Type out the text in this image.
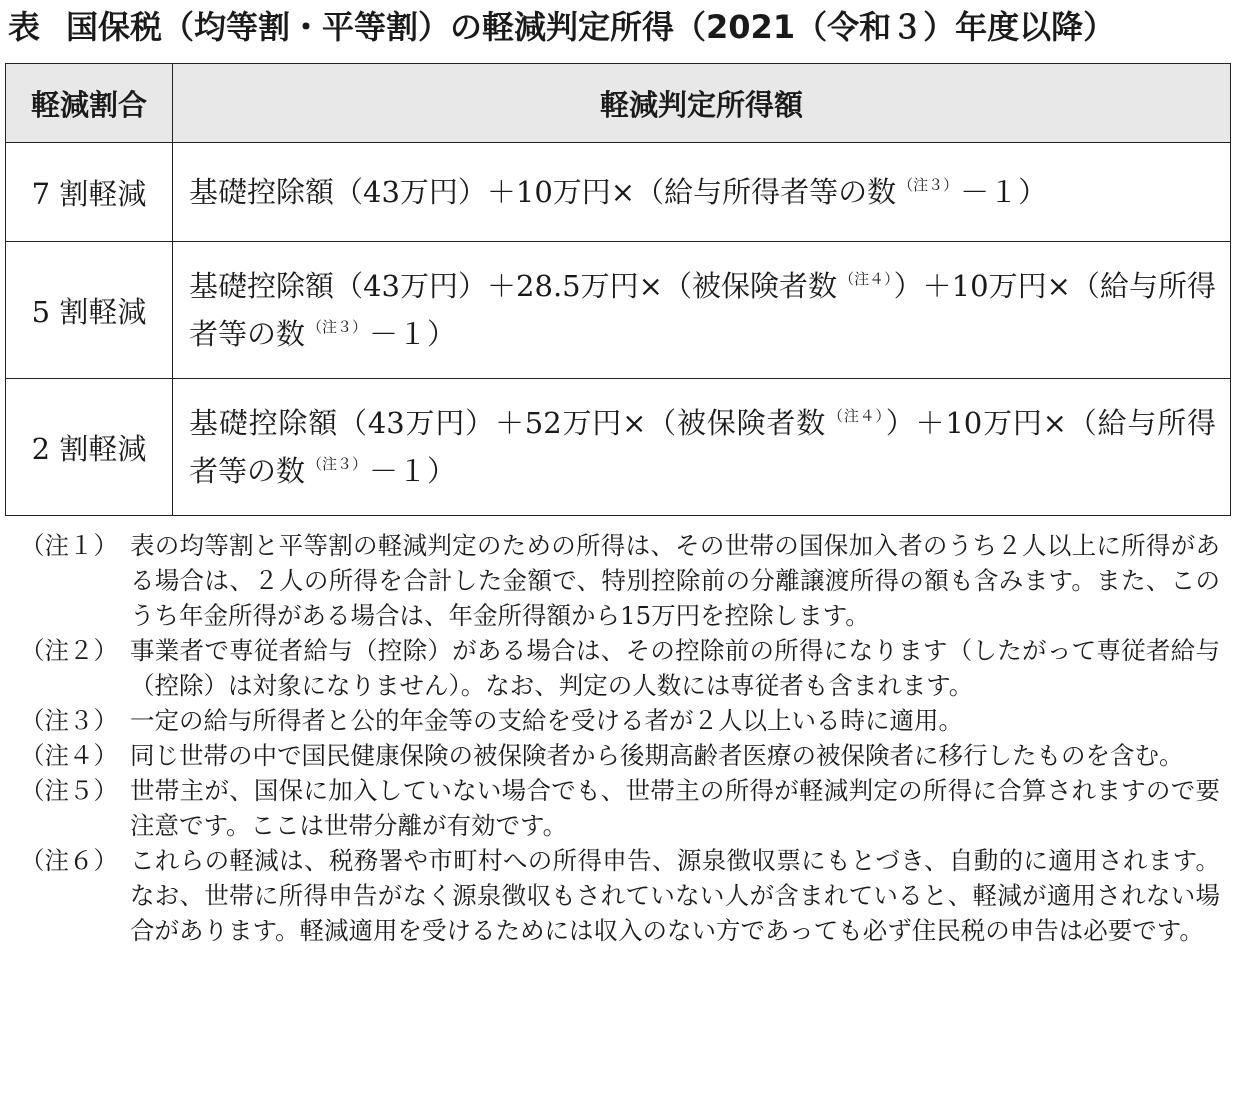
表 国保税（均等割・平等割）の軽減判定所得（2021（令和３）年度以降）
軽減割合	軽減判定所得額
7 割軽減	基礎控除額（43万円）＋10万円×（給与所得者等の数 $^{(注3)}$－１）
5 割軽減	基礎控除額（43万円）＋28.5万円×（被保険者数 $^{(注4)}$）＋10万円×（給与所得者等の数 $^{(注3)}$－１）
2 割軽減	基礎控除額（43万円）＋52万円×（被保険者数 $^{(注4)}$）＋10万円×（給与所得者等の数 $^{(注3)}$－１）
（注１） 表の均等割と平等割の軽減判定のための所得は、その世帯の国保加入者のうち２人以上に所得がある場合は、２人の所得を合計した金額で、特別控除前の分離譲渡所得の額も含みます。また、このうち年金所得がある場合は、年金所得額から15万円を控除します。
（注２） 事業者で専従者給与（控除）がある場合は、その控除前の所得になります（したがって専従者給与（控除）は対象になりません）。なお、判定の人数には専従者も含まれます。
（注３） 一定の給与所得者と公的年金等の支給を受ける者が２人以上いる時に適用。
（注４） 同じ世帯の中で国民健康保険の被保険者から後期高齢者医療の被保険者に移行したものを含む。
（注５） 世帯主が、国保に加入していない場合でも、世帯主の所得が軽減判定の所得に合算されますので要注意です。ここは世帯分離が有効です。
（注６） これらの軽減は、税務署や市町村への所得申告、源泉徴収票にもとづき、自動的に適用されます。なお、世帯に所得申告がなく源泉徴収もされていない人が含まれていると、軽減が適用されない場合があります。軽減適用を受けるためには収入のない方であっても必ず住民税の申告は必要です。
